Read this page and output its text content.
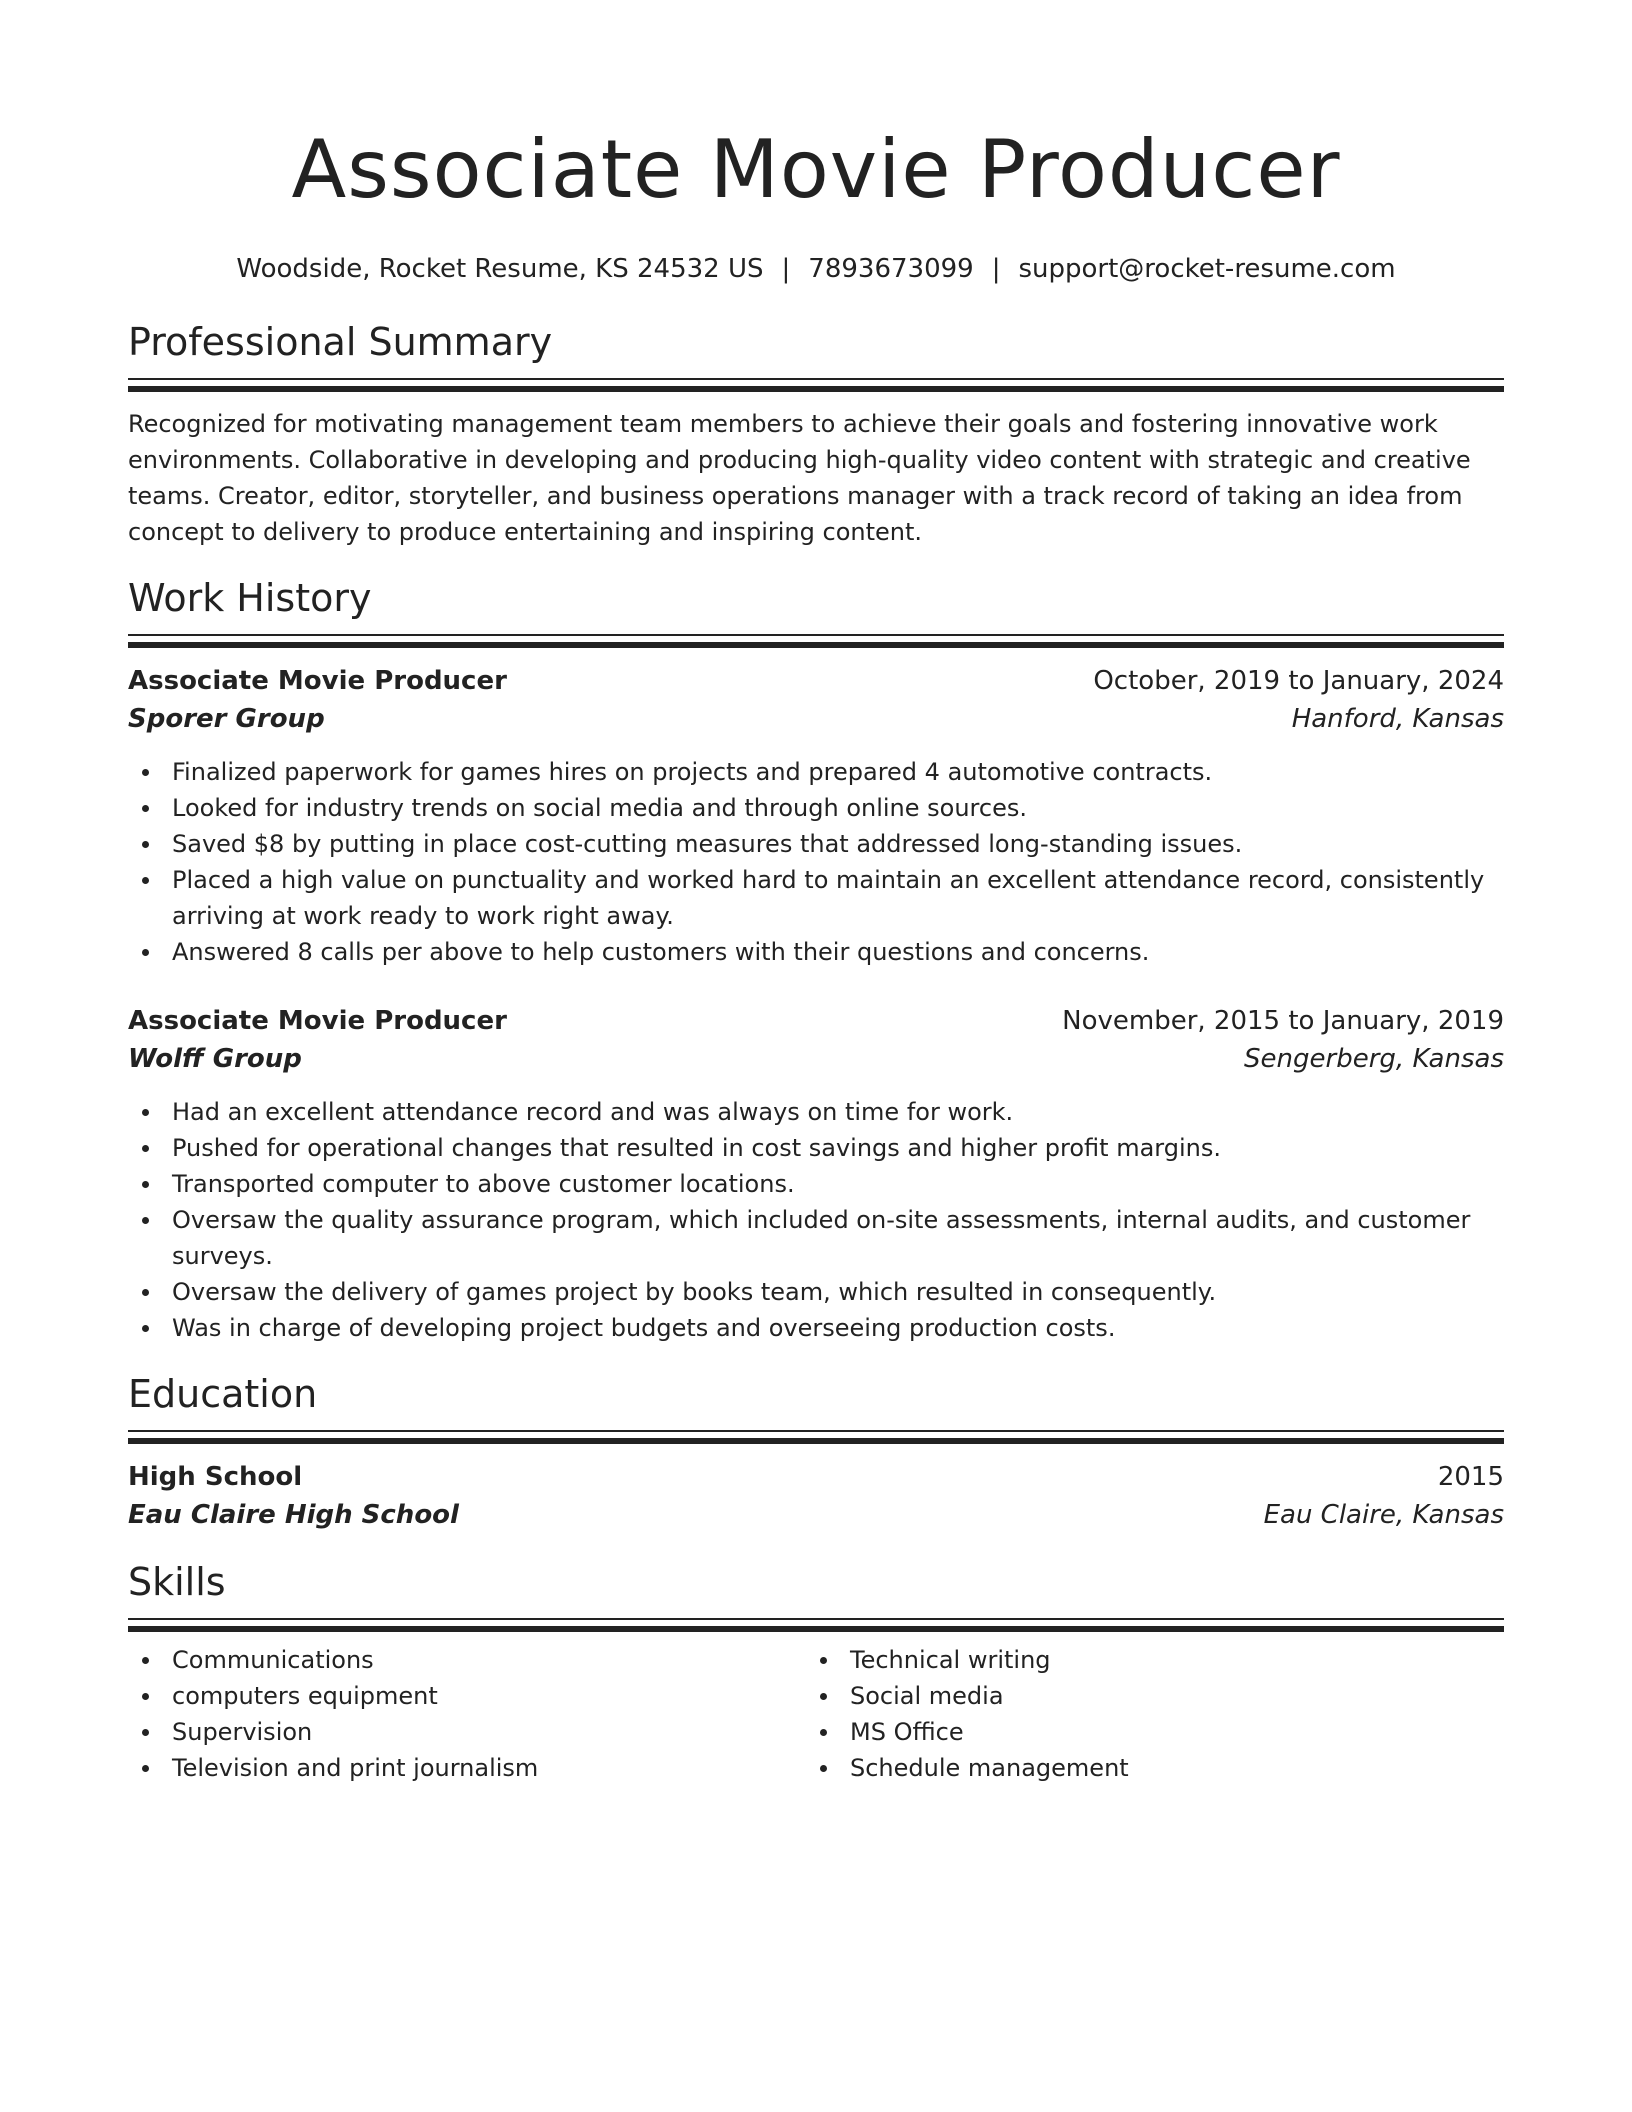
Associate Movie Producer
Woodside, Rocket Resume, KS 24532 US | 7893673099 | support@rocket-resume.com
Professional Summary
Recognized for motivating management team members to achieve their goals and fostering innovative work environments. Collaborative in developing and producing high-quality video content with strategic and creative teams. Creator, editor, storyteller, and business operations manager with a track record of taking an idea from concept to delivery to produce entertaining and inspiring content.
Work History
Associate Movie Producer	October, 2019 to January, 2024
Sporer Group	Hanford, Kansas
Finalized paperwork for games hires on projects and prepared 4 automotive contracts.
Looked for industry trends on social media and through online sources.
Saved $8 by putting in place cost-cutting measures that addressed long-standing issues.
Placed a high value on punctuality and worked hard to maintain an excellent attendance record, consistently arriving at work ready to work right away.
Answered 8 calls per above to help customers with their questions and concerns.
Associate Movie Producer	November, 2015 to January, 2019
Wolff Group	Sengerberg, Kansas
Had an excellent attendance record and was always on time for work.
Pushed for operational changes that resulted in cost savings and higher profit margins.
Transported computer to above customer locations.
Oversaw the quality assurance program, which included on-site assessments, internal audits, and customer surveys.
Oversaw the delivery of games project by books team, which resulted in consequently.
Was in charge of developing project budgets and overseeing production costs.
Education
High School	2015
Eau Claire High School	Eau Claire, Kansas
Skills
Communications
computers equipment
Supervision
Television and print journalism
Technical writing
Social media
MS Office
Schedule management
